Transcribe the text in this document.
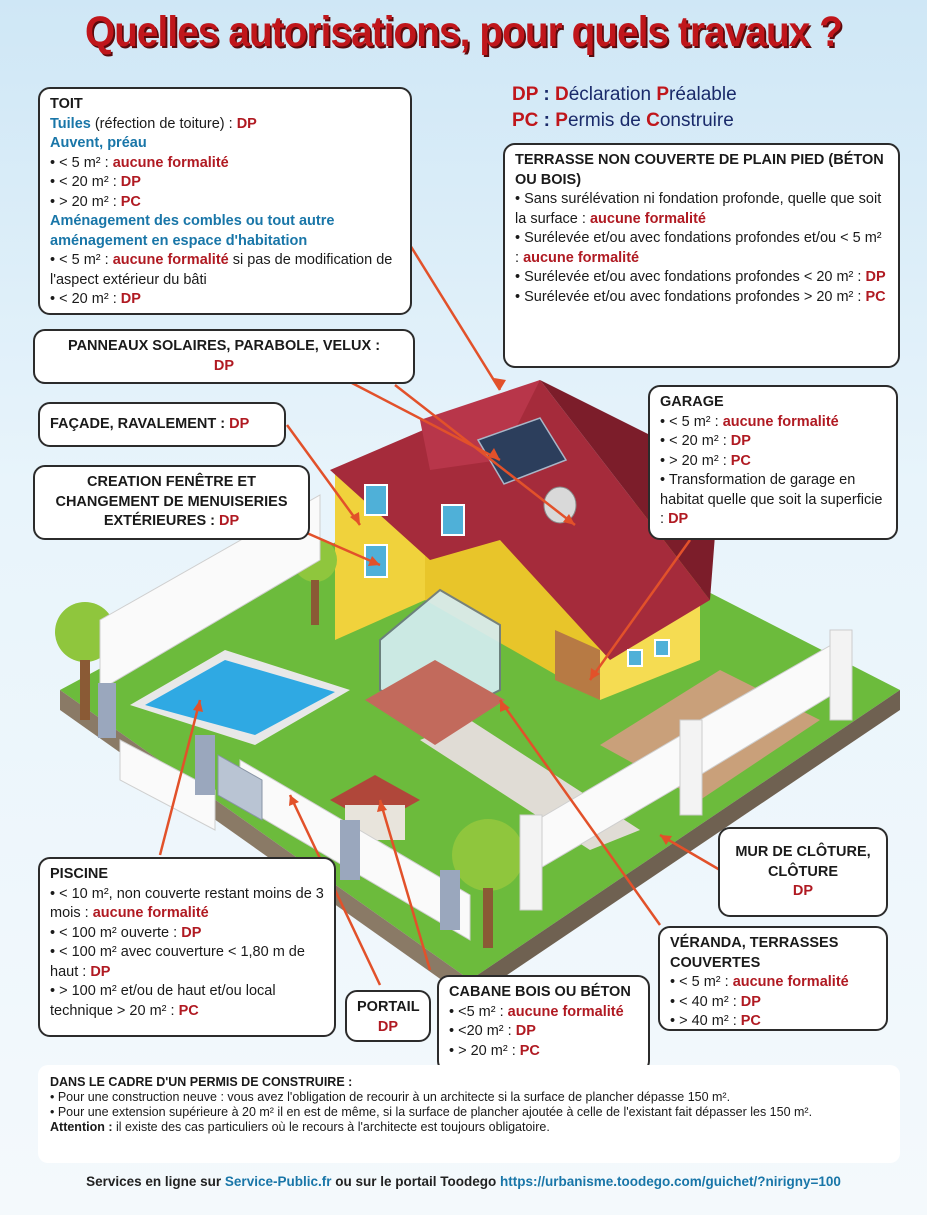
Quelles autorisations, pour quels travaux ?
DP : Déclaration Préalable
PC : Permis de Construire
TOIT
Tuiles (réfection de toiture) : DP
Auvent, préau
• < 5 m² : aucune formalité
• < 20 m² : DP
• > 20 m² : PC
Aménagement des combles ou tout autre aménagement en espace d'habitation
• < 5 m² : aucune formalité si pas de modification de l'aspect extérieur du bâti
• < 20 m² : DP
TERRASSE NON COUVERTE DE PLAIN PIED (BÉTON OU BOIS)
• Sans surélévation ni fondation profonde, quelle que soit la surface : aucune formalité
• Surélevée et/ou avec fondations profondes et/ou < 5 m² : aucune formalité
• Surélevée et/ou avec fondations profondes < 20 m² : DP
• Surélevée et/ou avec fondations profondes > 20 m² : PC
PANNEAUX SOLAIRES, PARABOLE, VELUX :
DP
FAÇADE, RAVALEMENT : DP
CREATION FENÊTRE ET CHANGEMENT DE MENUISERIES EXTÉRIEURES : DP
GARAGE
• < 5 m² : aucune formalité
• < 20 m² : DP
• > 20 m² : PC
• Transformation de garage en habitat quelle que soit la superficie : DP
PISCINE
• < 10 m², non couverte restant moins de 3 mois : aucune formalité
• < 100 m² ouverte : DP
• < 100 m² avec couverture < 1,80 m de haut : DP
• > 100 m² et/ou de haut et/ou local technique > 20 m² : PC	PORTAIL
DP
CABANE BOIS OU BÉTON
• <5 m² : aucune formalité
• <20 m² : DP
• > 20 m² : PC
MUR DE CLÔTURE, CLÔTURE
DP
VÉRANDA, TERRASSES COUVERTES
• < 5 m² : aucune formalité
• < 40 m² : DP
• > 40 m² : PC
DANS LE CADRE D'UN PERMIS DE CONSTRUIRE :
• Pour une construction neuve : vous avez l'obligation de recourir à un architecte si la surface de plancher dépasse 150 m².
• Pour une extension supérieure à 20 m² il en est de même, si la surface de plancher ajoutée à celle de l'existant fait dépasser les 150 m².
Attention : il existe des cas particuliers où le recours à l'architecte est toujours obligatoire.
Services en ligne sur Service-Public.fr ou sur le portail Toodego https://urbanisme.toodego.com/guichet/?nirigny=100
